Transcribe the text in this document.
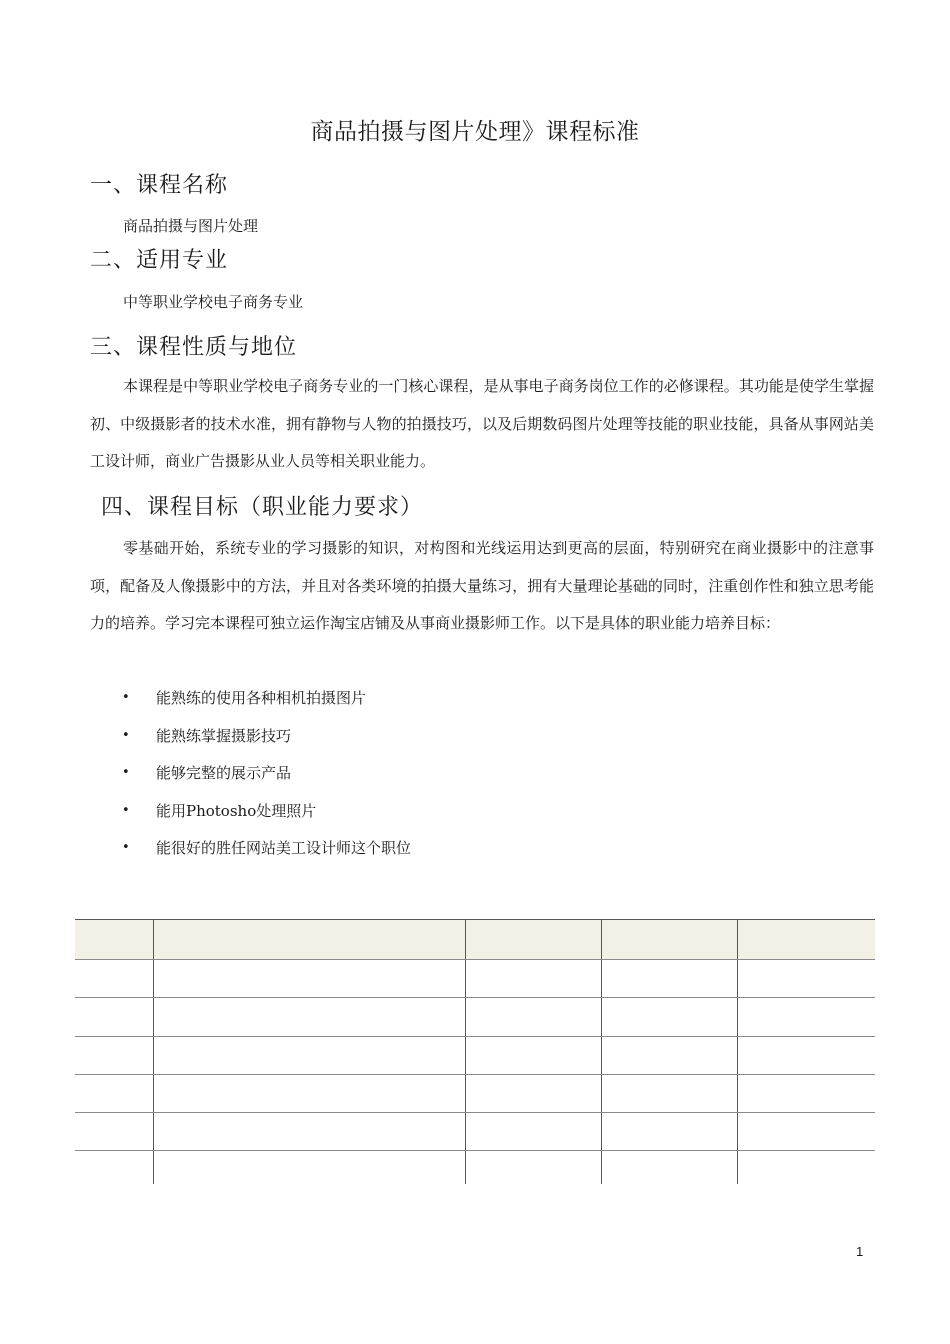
商品拍摄与图片处理》课程标准
一、课程名称
商品拍摄与图片处理
二、适用专业
中等职业学校电子商务专业
三、课程性质与地位
本课程是中等职业学校电子商务专业的一门核心课程，是从事电子商务岗位工作的必修课程。其功能是使学生掌握初、中级摄影者的技术水准，拥有静物与人物的拍摄技巧，以及后期数码图片处理等技能的职业技能，具备从事网站美工设计师，商业广告摄影从业人员等相关职业能力。
四、课程目标（职业能力要求）
零基础开始，系统专业的学习摄影的知识，对构图和光线运用达到更高的层面，特别研究在商业摄影中的注意事项，配备及人像摄影中的方法，并且对各类环境的拍摄大量练习，拥有大量理论基础的同时，注重创作性和独立思考能力的培养。学习完本课程可独立运作淘宝店铺及从事商业摄影师工作。以下是具体的职业能力培养目标：
•	能熟练的使用各种相机拍摄图片
•	能熟练掌握摄影技巧
•	能够完整的展示产品
•	能用Photosho处理照片
•	能很好的胜任网站美工设计师这个职位

1
